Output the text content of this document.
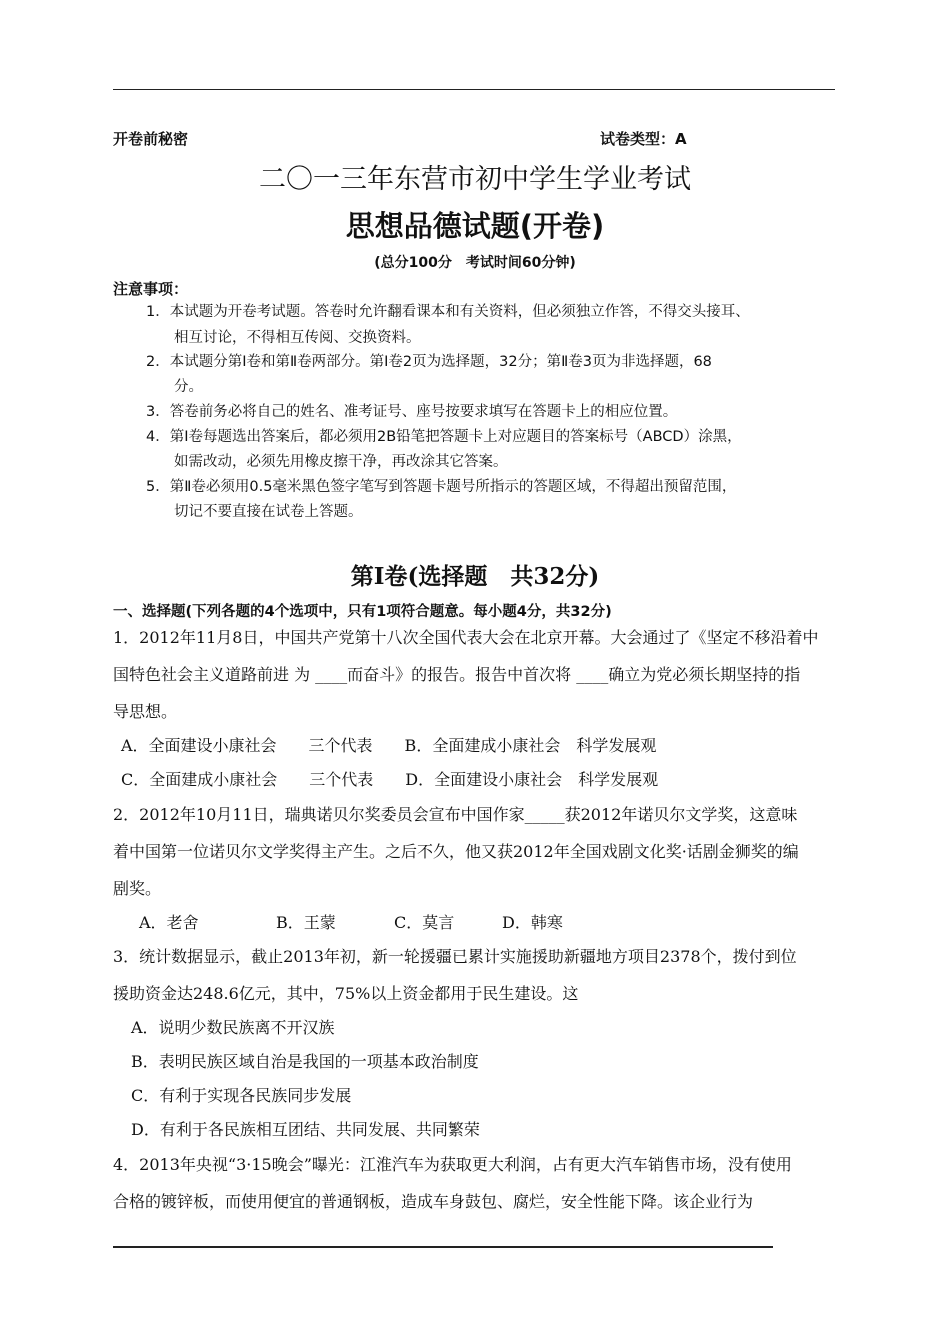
开卷前秘密	试卷类型：A
二〇一三年东营市初中学生学业考试
思想品德试题(开卷)
(总分100分　考试时间60分钟)
注意事项：
1．本试题为开卷考试题。答卷时允许翻看课本和有关资料，但必须独立作答，不得交头接耳、
相互讨论，不得相互传阅、交换资料。
2．本试题分第Ⅰ卷和第Ⅱ卷两部分。第Ⅰ卷2页为选择题，32分；第Ⅱ卷3页为非选择题，68
分。
3．答卷前务必将自己的姓名、准考证号、座号按要求填写在答题卡上的相应位置。
4．第Ⅰ卷每题选出答案后，都必须用2B铅笔把答题卡上对应题目的答案标号（ABCD）涂黑，
如需改动，必须先用橡皮擦干净，再改涂其它答案。
5．第Ⅱ卷必须用0.5毫米黑色签字笔写到答题卡题号所指示的答题区域，不得超出预留范围，
切记不要直接在试卷上答题。
第Ⅰ卷(选择题　共32分)
一、选择题(下列各题的4个选项中，只有1项符合题意。每小题4分，共32分)
1．2012年11月8日，中国共产党第十八次全国代表大会在北京开幕。大会通过了《坚定不移沿着中
国特色社会主义道路前进 为 ____而奋斗》的报告。报告中首次将 ____确立为党必须长期坚持的指
导思想。
A．全面建设小康社会　　三个代表　　B．全面建成小康社会　科学发展观
C．全面建成小康社会　　三个代表　　D．全面建设小康社会　科学发展观
2．2012年10月11日，瑞典诺贝尔奖委员会宣布中国作家_____获2012年诺贝尔文学奖，这意味
着中国第一位诺贝尔文学奖得主产生。之后不久，他又获2012年全国戏剧文化奖·话剧金狮奖的编
剧奖。
A．老舍	B．王蒙	C．莫言	D．韩寒
3．统计数据显示，截止2013年初，新一轮援疆已累计实施援助新疆地方项目2378个，拨付到位
援助资金达248.6亿元，其中，75%以上资金都用于民生建设。这
A．说明少数民族离不开汉族
B．表明民族区域自治是我国的一项基本政治制度
C．有利于实现各民族同步发展
D．有利于各民族相互团结、共同发展、共同繁荣
4．2013年央视“3·15晚会”曝光：江淮汽车为获取更大利润，占有更大汽车销售市场，没有使用
合格的镀锌板，而使用便宜的普通钢板，造成车身鼓包、腐烂，安全性能下降。该企业行为
